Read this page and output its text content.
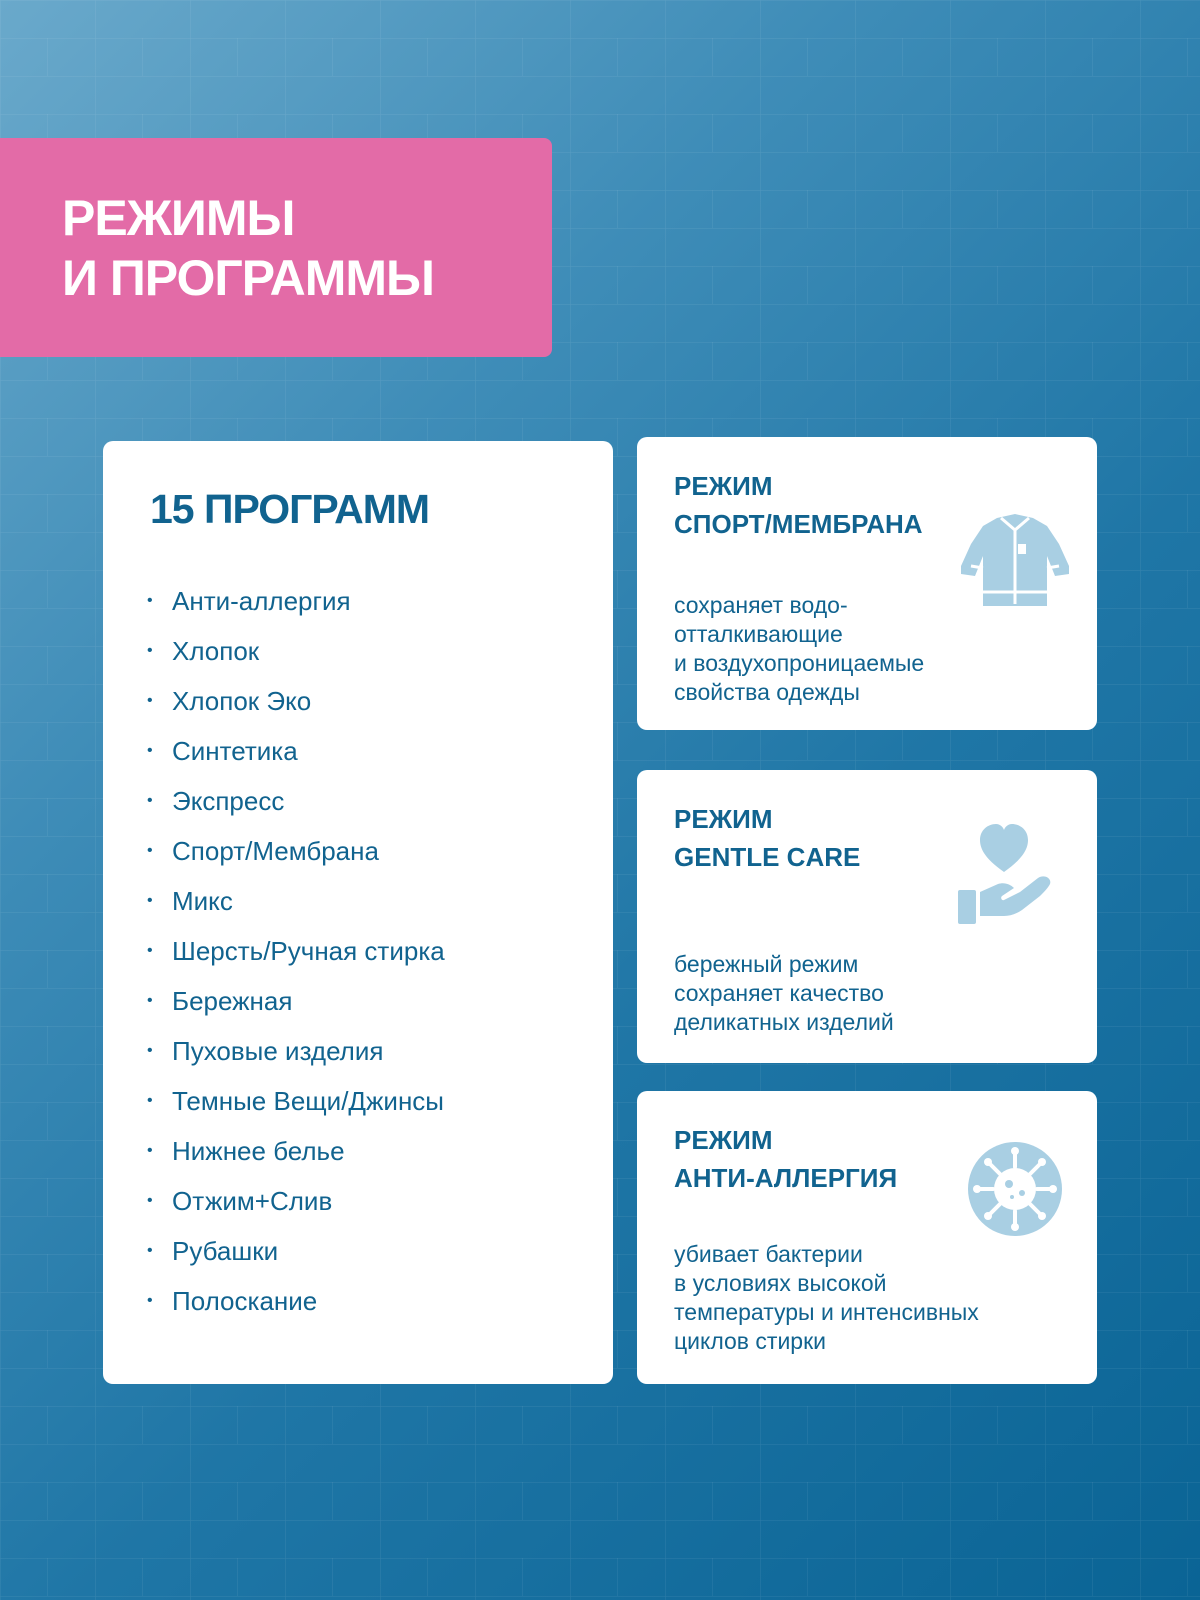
РЕЖИМЫ
И ПРОГРАММЫ
15 ПРОГРАММ
• Анти-аллергия
• Хлопок
• Хлопок Эко
• Синтетика
• Экспресс
• Спорт/Мембрана
• Микс
• Шерсть/Ручная стирка
• Бережная
• Пуховые изделия
• Темные Вещи/Джинсы
• Нижнее белье
• Отжим+Слив
• Рубашки
• Полоскание
РЕЖИМ
СПОРТ/МЕМБРАНА

сохраняет водо-
отталкивающие
и воздухопроницаемые
свойства одежды

РЕЖИМ
GENTLE CARE

бережный режим
сохраняет качество
деликатных изделий

РЕЖИМ
АНТИ-АЛЛЕРГИЯ

убивает бактерии
в условиях высокой
температуры и интенсивных
циклов стирки
